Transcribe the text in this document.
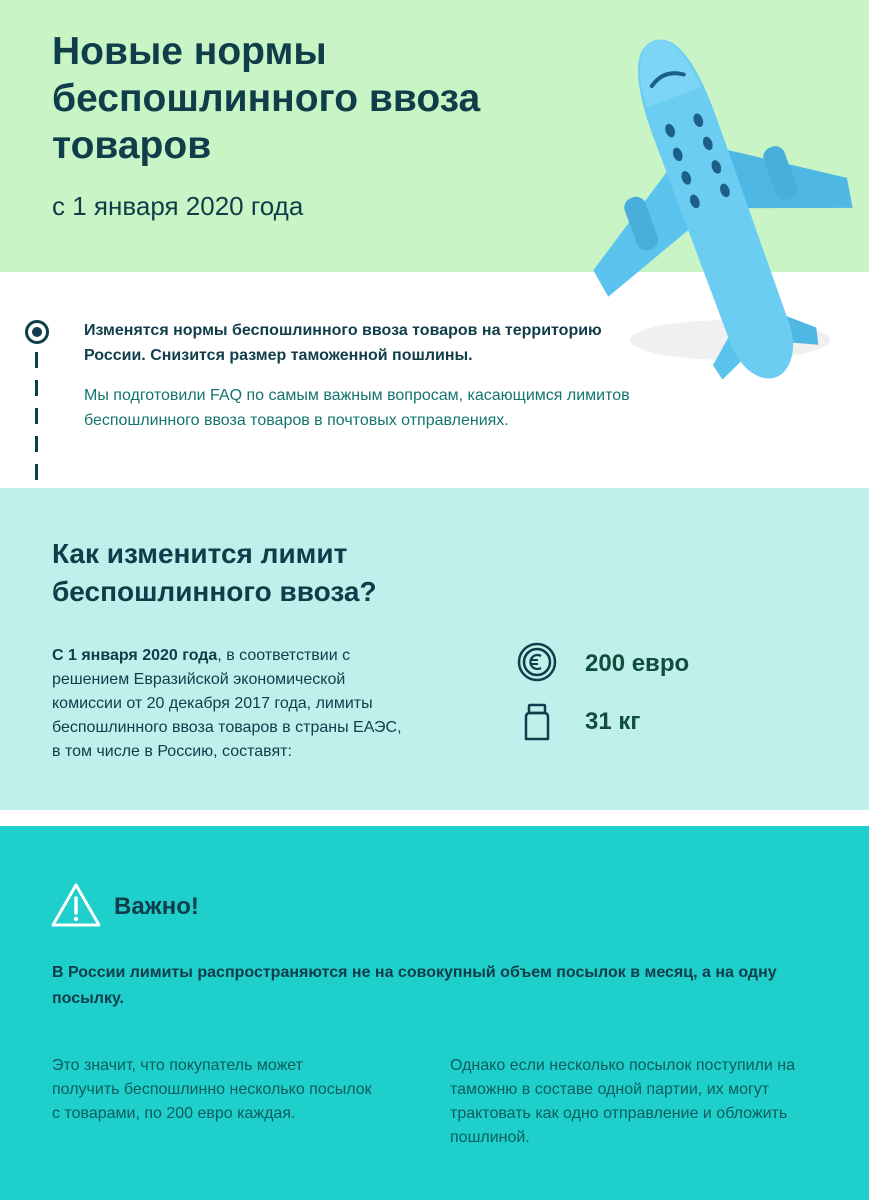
Новые нормы беспошлинного ввоза товаров
с 1 января 2020 года
Изменятся нормы беспошлинного ввоза товаров на территорию России. Снизится размер таможенной пошлины.
Мы подготовили FAQ по самым важным вопросам, касающимся лимитов беспошлинного ввоза товаров в почтовых отправлениях.
Как изменится лимит беспошлинного ввоза?
С 1 января 2020 года, в соответствии с решением Евразийской экономической комиссии от 20 декабря 2017 года, лимиты беспошлинного ввоза товаров в страны ЕАЭС, в том числе в Россию, составят:
200 евро
31 кг
Важно!
В России лимиты распространяются не на совокупный объем посылок в месяц, а на одну посылку.
Это значит, что покупатель может получить беспошлинно несколько посылок с товарами, по 200 евро каждая.
Однако если несколько посылок поступили на таможню в составе одной партии, их могут трактовать как одно отправление и обложить пошлиной.
